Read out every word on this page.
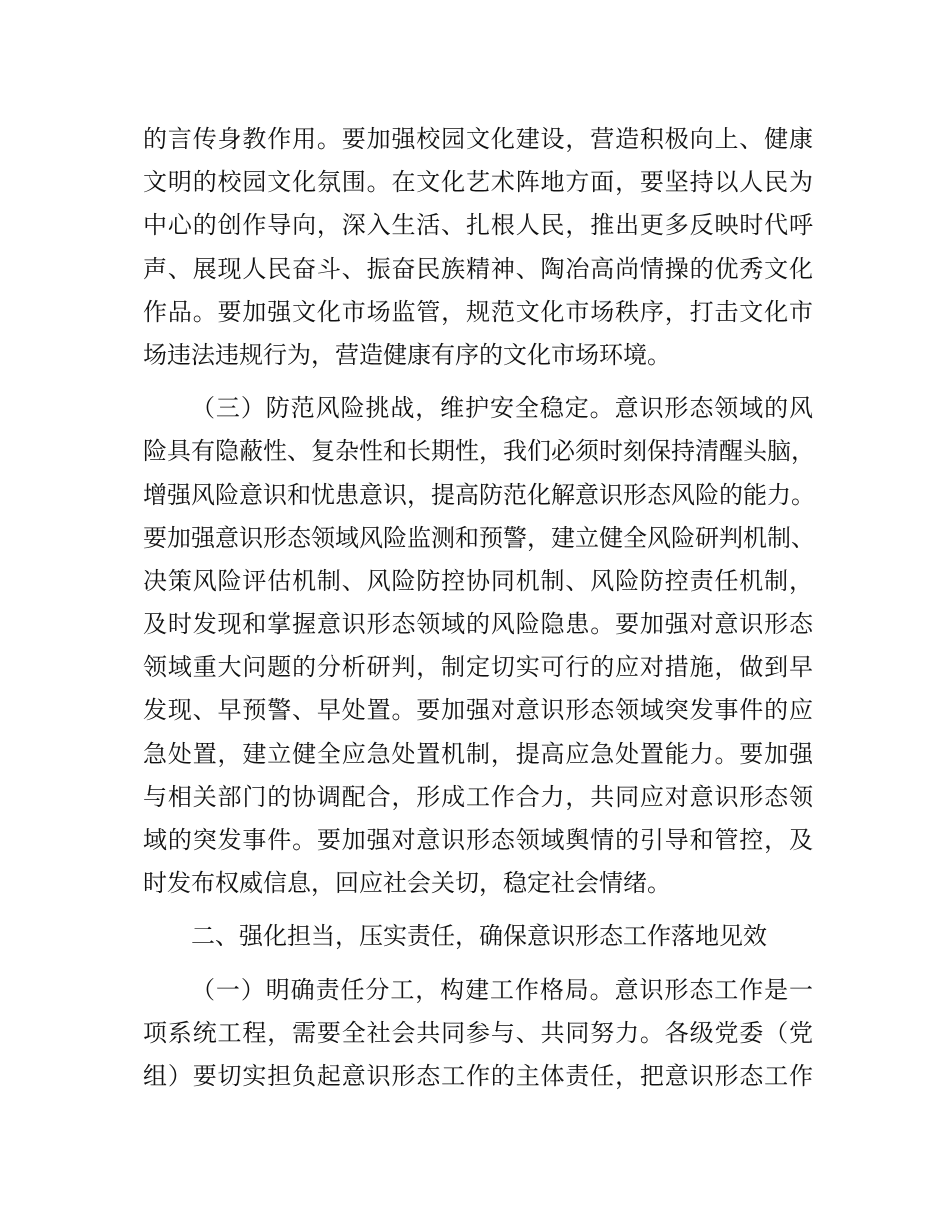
的言传身教作用。要加强校园文化建设，营造积极向上、健康
文明的校园文化氛围。在文化艺术阵地方面，要坚持以人民为
中心的创作导向，深入生活、扎根人民，推出更多反映时代呼
声、展现人民奋斗、振奋民族精神、陶冶高尚情操的优秀文化
作品。要加强文化市场监管，规范文化市场秩序，打击文化市
场违法违规行为，营造健康有序的文化市场环境。
（三）防范风险挑战，维护安全稳定。意识形态领域的风
险具有隐蔽性、复杂性和长期性，我们必须时刻保持清醒头脑，
增强风险意识和忧患意识，提高防范化解意识形态风险的能力。
要加强意识形态领域风险监测和预警，建立健全风险研判机制、
决策风险评估机制、风险防控协同机制、风险防控责任机制，
及时发现和掌握意识形态领域的风险隐患。要加强对意识形态
领域重大问题的分析研判，制定切实可行的应对措施，做到早
发现、早预警、早处置。要加强对意识形态领域突发事件的应
急处置，建立健全应急处置机制，提高应急处置能力。要加强
与相关部门的协调配合，形成工作合力，共同应对意识形态领
域的突发事件。要加强对意识形态领域舆情的引导和管控，及
时发布权威信息，回应社会关切，稳定社会情绪。
二、强化担当，压实责任，确保意识形态工作落地见效
（一）明确责任分工，构建工作格局。意识形态工作是一
项系统工程，需要全社会共同参与、共同努力。各级党委（党
组）要切实担负起意识形态工作的主体责任，把意识形态工作
